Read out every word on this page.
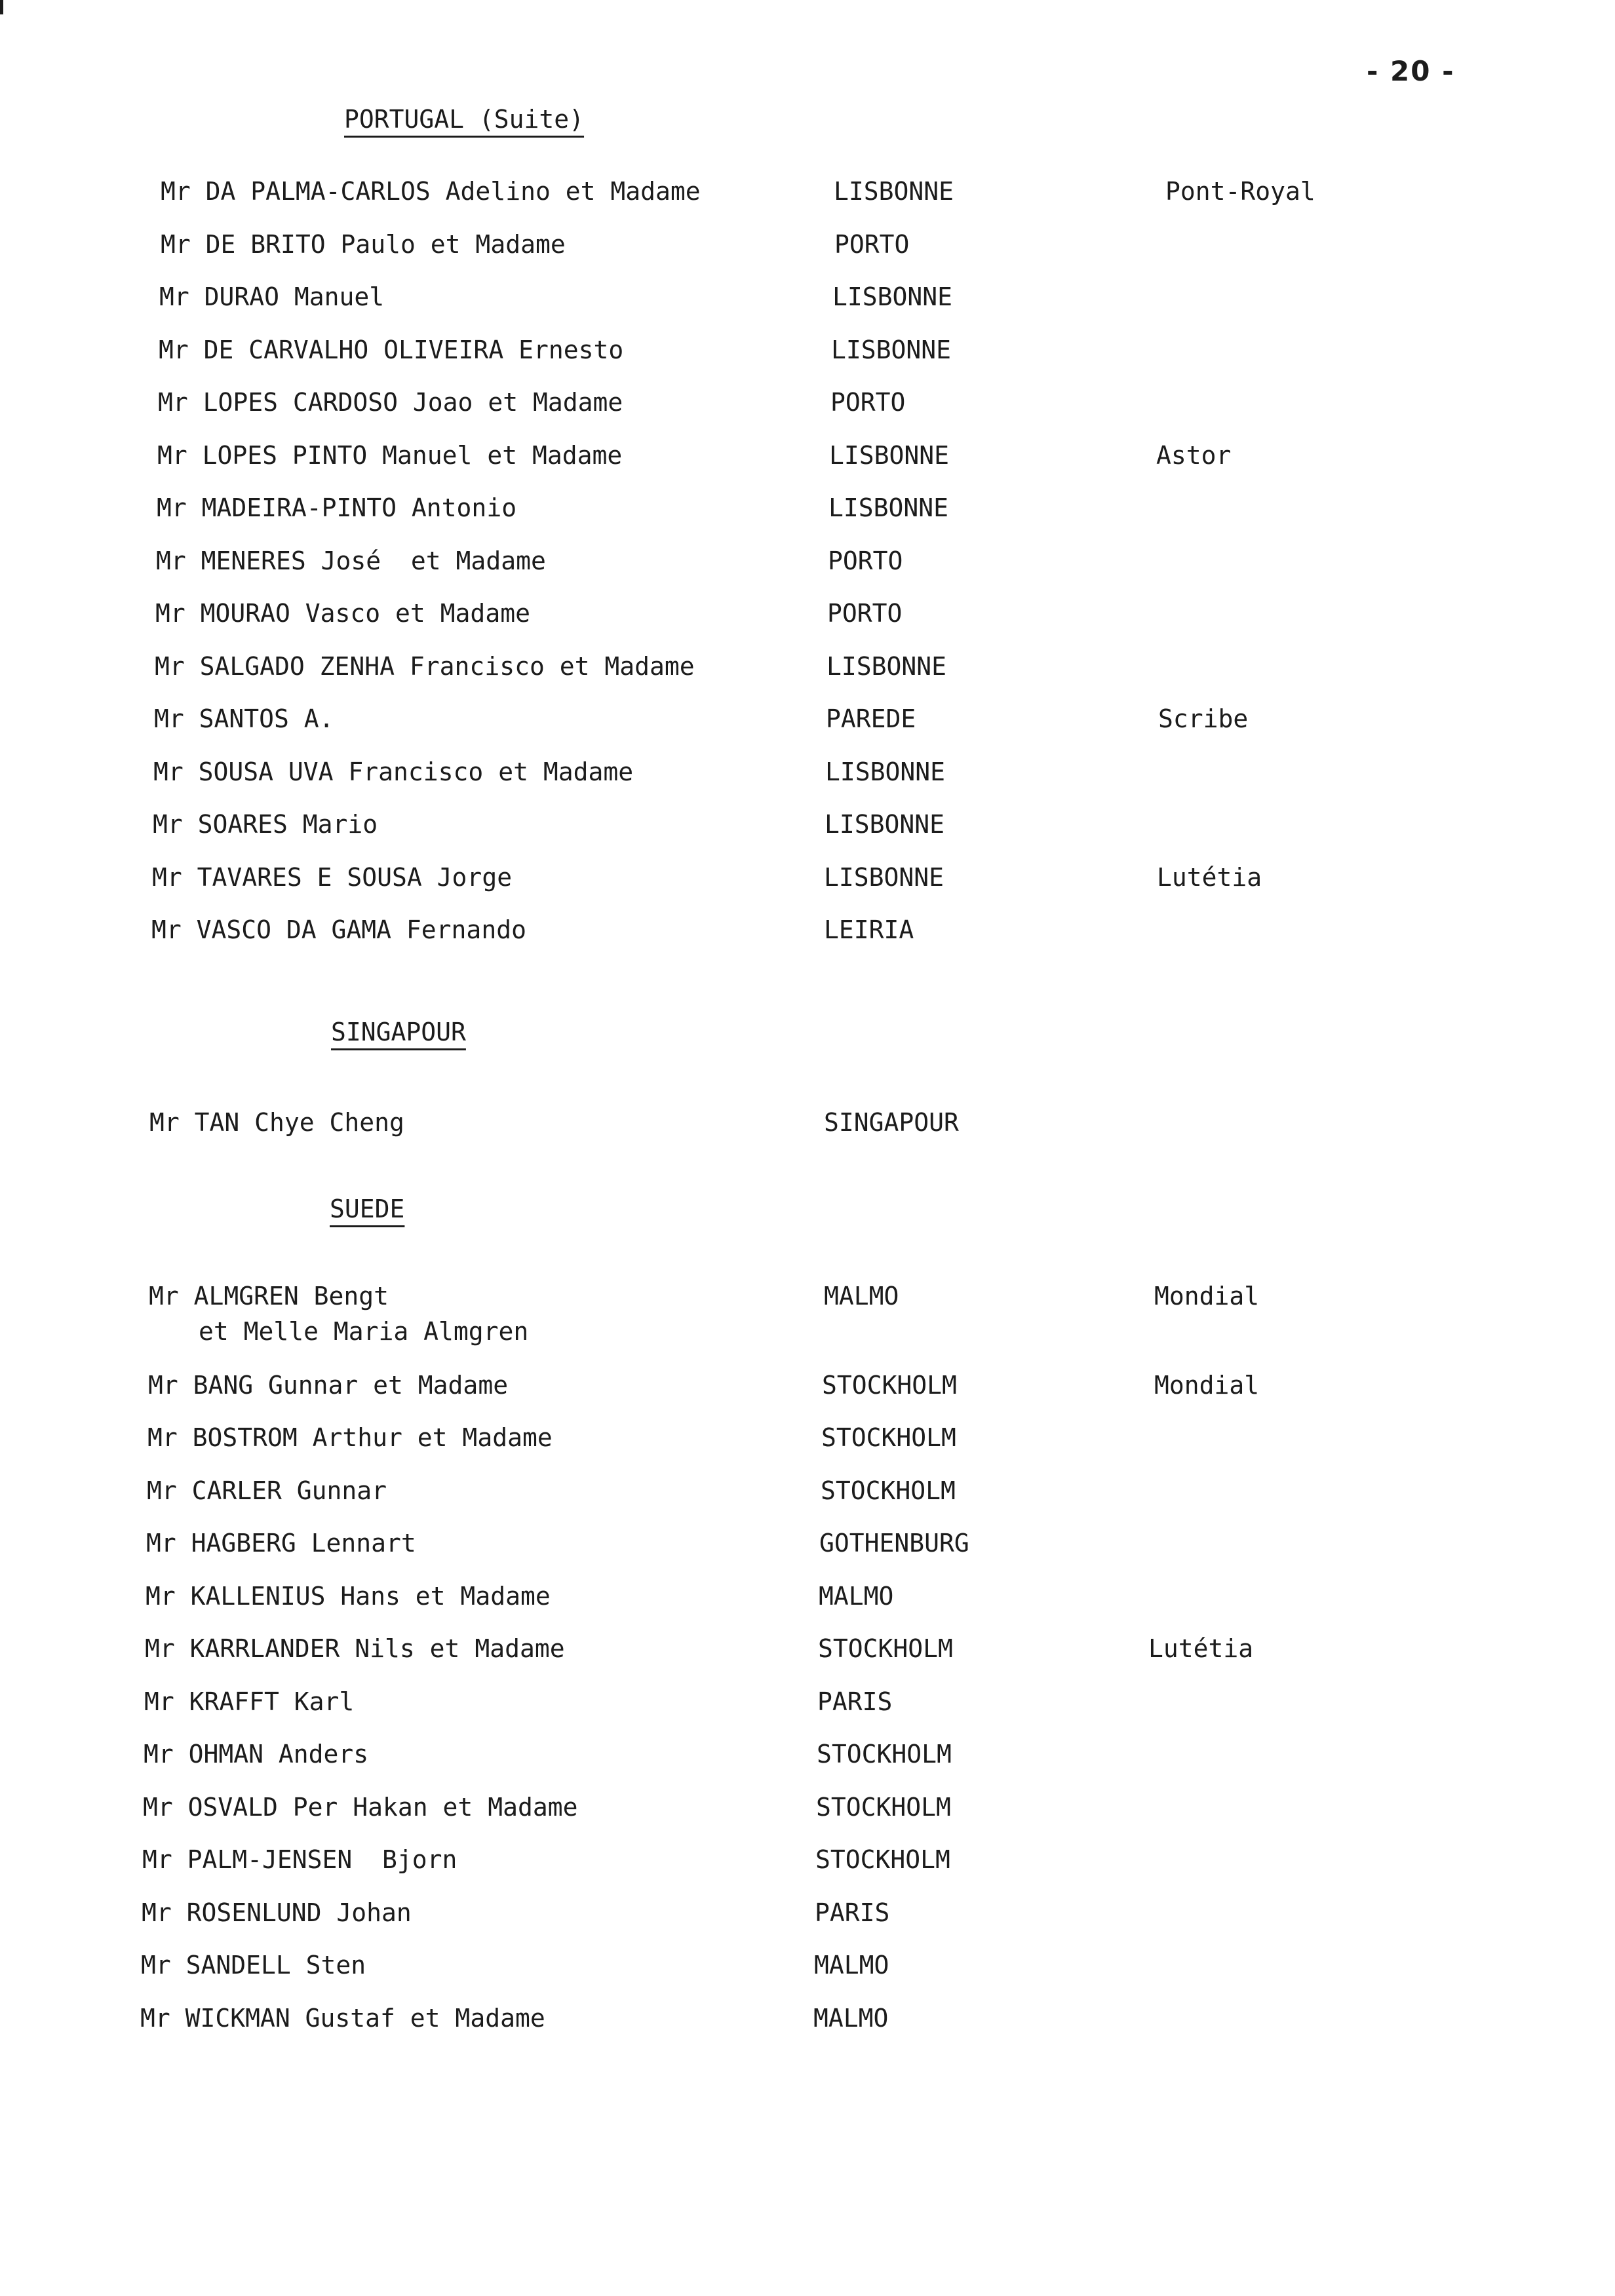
- 20 -
PORTUGAL (Suite)
Mr DA PALMA-CARLOS Adelino et Madame	LISBONNE	Pont-Royal
Mr DE BRITO Paulo et Madame	PORTO
Mr DURAO Manuel	LISBONNE
Mr DE CARVALHO OLIVEIRA Ernesto	LISBONNE
Mr LOPES CARDOSO Joao et Madame	PORTO
Mr LOPES PINTO Manuel et Madame	LISBONNE	Astor
Mr MADEIRA-PINTO Antonio	LISBONNE
Mr MENERES José  et Madame	PORTO
Mr MOURAO Vasco et Madame	PORTO
Mr SALGADO ZENHA Francisco et Madame	LISBONNE
Mr SANTOS A.	PAREDE	Scribe
Mr SOUSA UVA Francisco et Madame	LISBONNE
Mr SOARES Mario	LISBONNE
Mr TAVARES E SOUSA Jorge	LISBONNE	Lutétia
Mr VASCO DA GAMA Fernando	LEIRIA
SINGAPOUR
Mr TAN Chye Cheng	SINGAPOUR
SUEDE
Mr ALMGREN Bengt
et Melle Maria Almgren
MALMO	Mondial
Mr BANG Gunnar et Madame	STOCKHOLM	Mondial
Mr BOSTROM Arthur et Madame	STOCKHOLM
Mr CARLER Gunnar	STOCKHOLM
Mr HAGBERG Lennart	GOTHENBURG
Mr KALLENIUS Hans et Madame	MALMO
Mr KARRLANDER Nils et Madame	STOCKHOLM	Lutétia
Mr KRAFFT Karl	PARIS
Mr OHMAN Anders	STOCKHOLM
Mr OSVALD Per Hakan et Madame	STOCKHOLM
Mr PALM-JENSEN  Bjorn	STOCKHOLM
Mr ROSENLUND Johan	PARIS
Mr SANDELL Sten	MALMO
Mr WICKMAN Gustaf et Madame	MALMO
